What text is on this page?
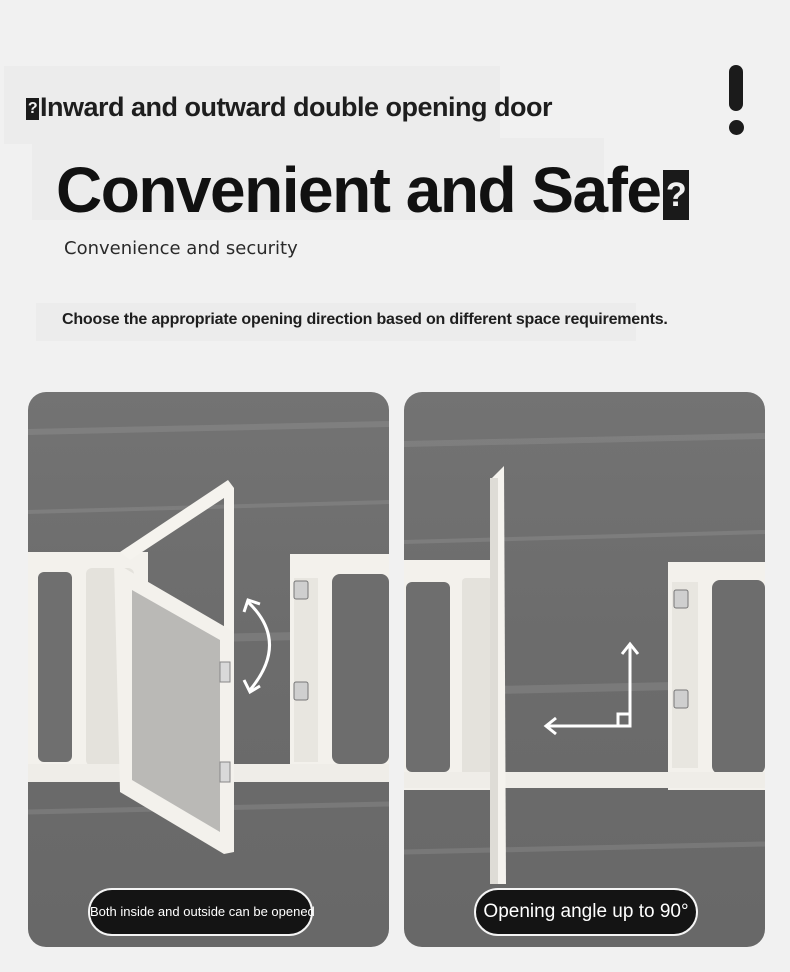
? Inward and outward double opening door
Convenient and Safe ?
Convenience and security
Choose the appropriate opening direction based on different space requirements.
Both inside and outside can be opened	Opening angle up to 90°
